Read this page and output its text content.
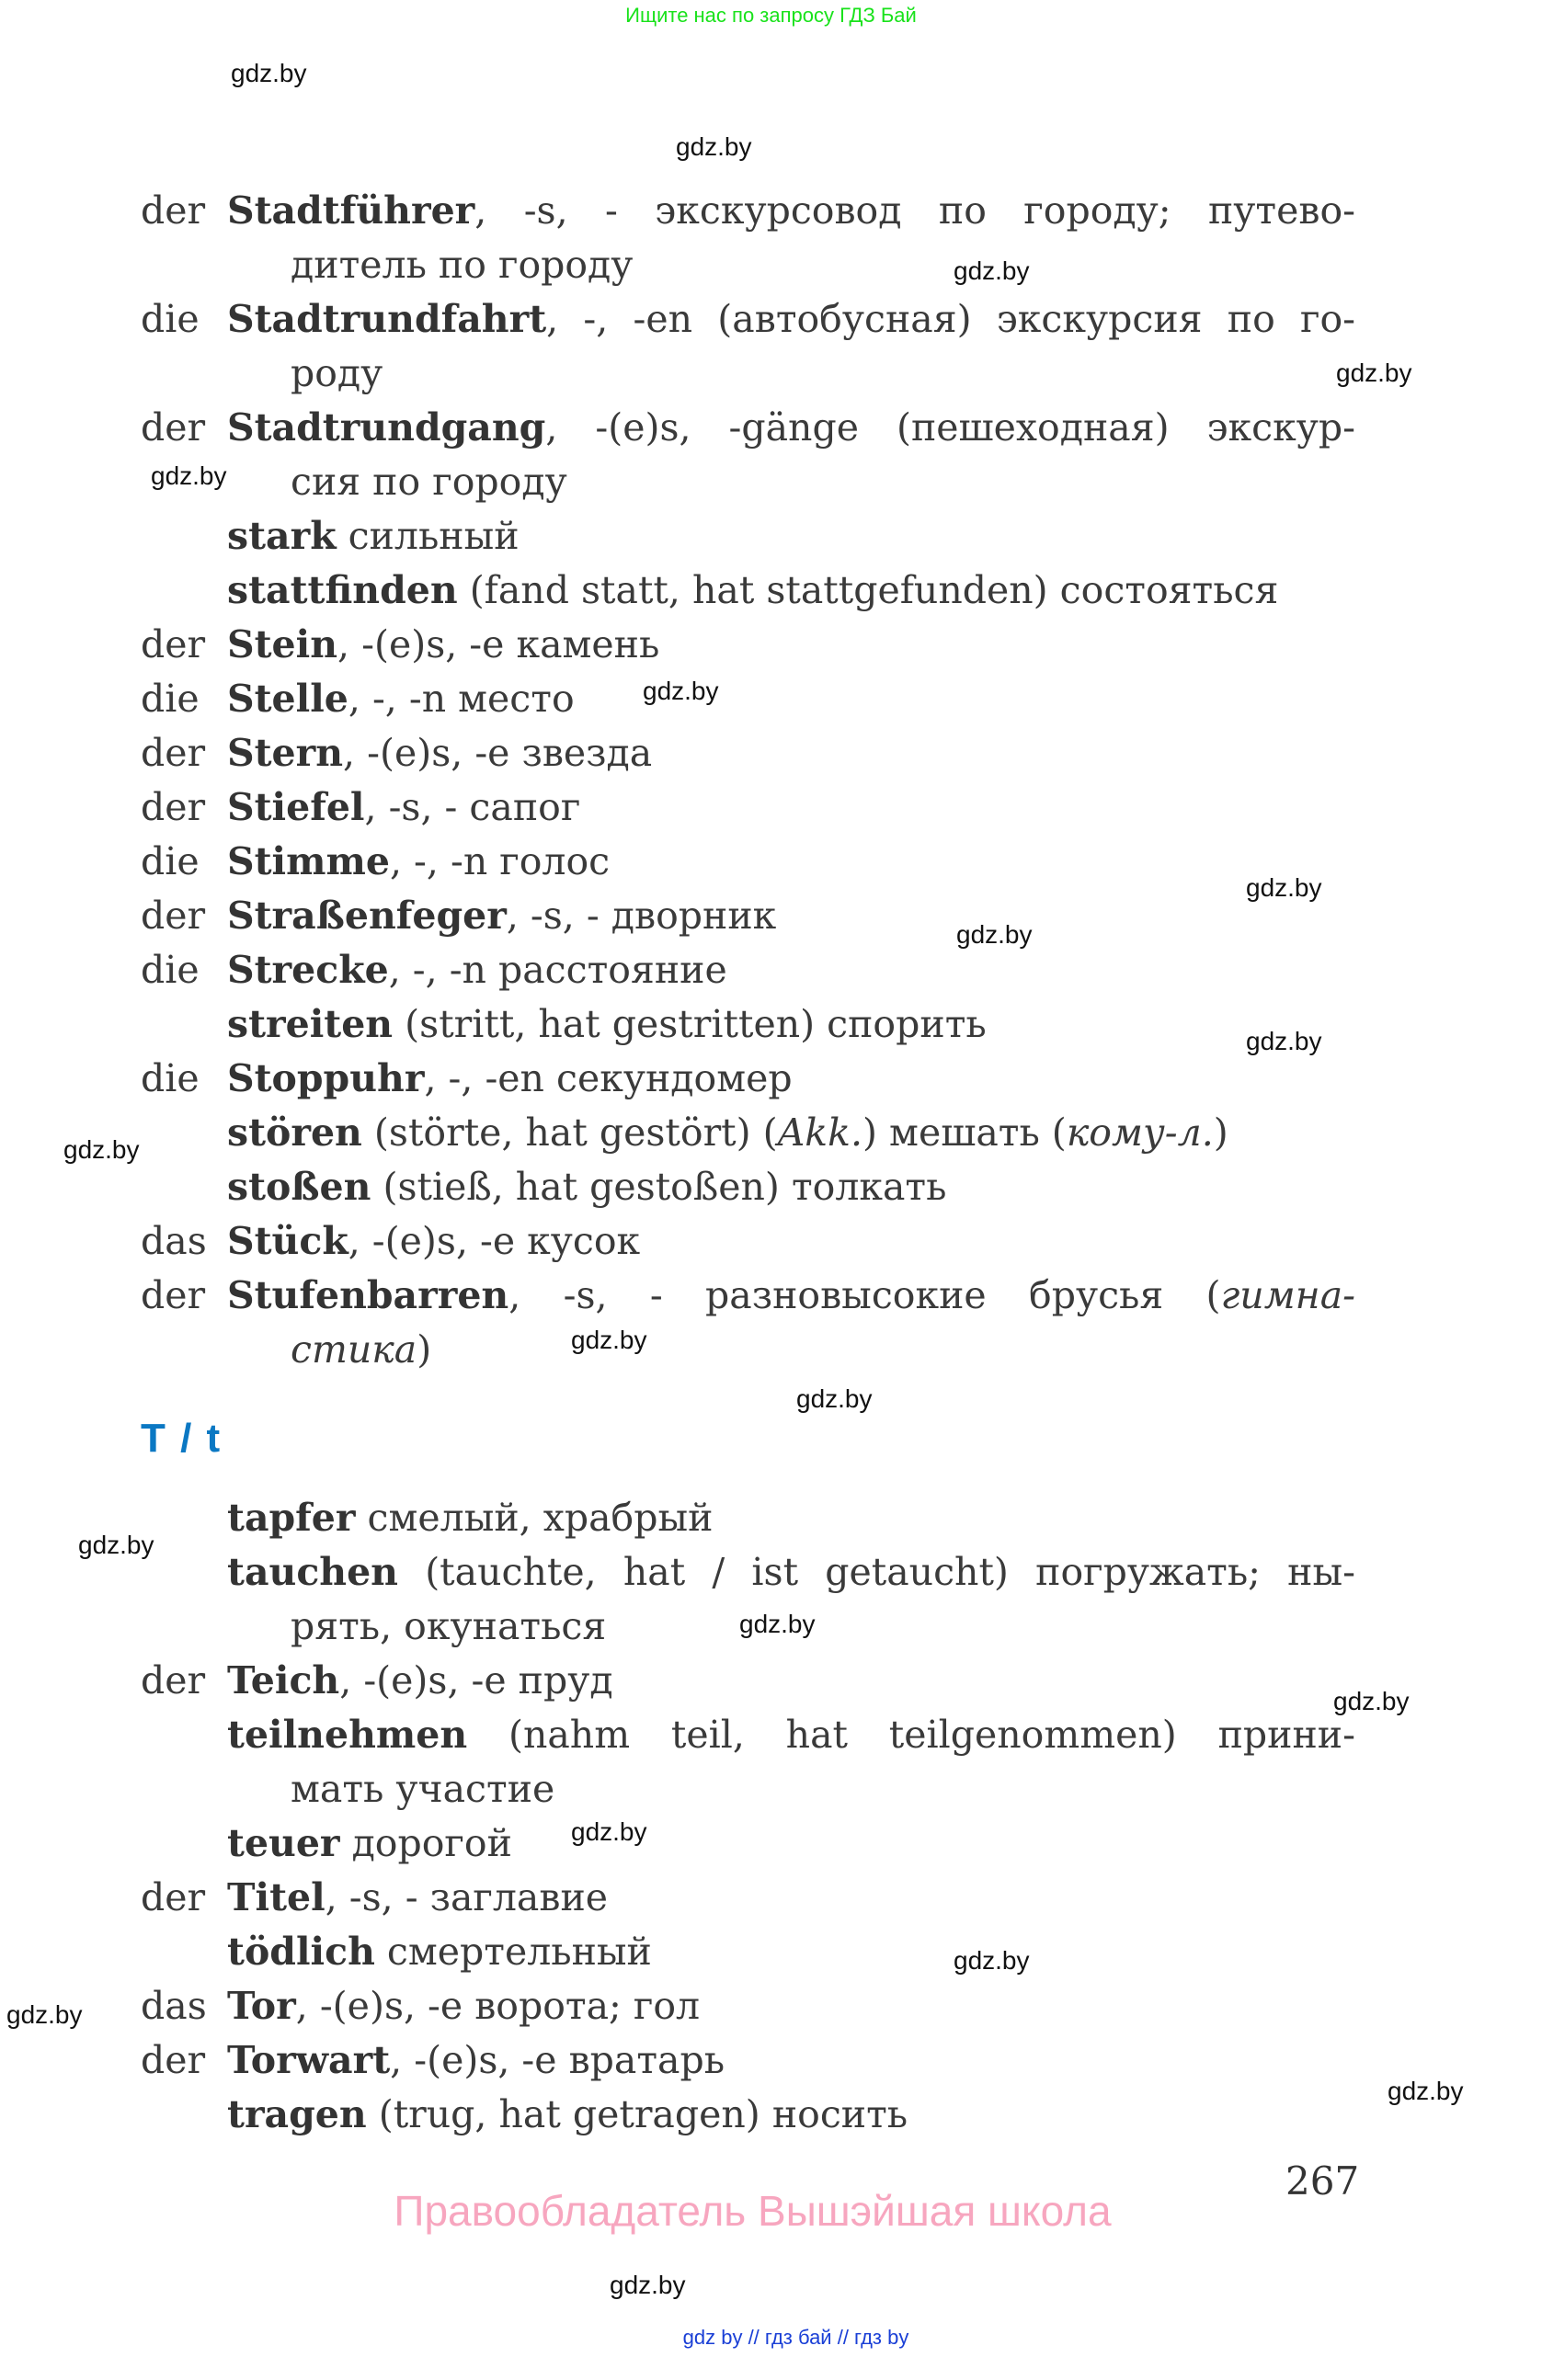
Ищите нас по запросу ГДЗ Бай
gdz.by
gdz.by
gdz.by
gdz.by
gdz.by
gdz.by
gdz.by
gdz.by
gdz.by
gdz.by
gdz.by
gdz.by
gdz.by
gdz.by
gdz.by
gdz.by
gdz.by
gdz.by
gdz.by
gdz.by
der Stadtführer, -s, - экскурсовод по городу; путево-
дитель по городу
die Stadtrundfahrt, -, -en (автобусная) экскурсия по го-
роду
der Stadtrundgang, -(e)s, -gänge (пешеходная) экскур-
сия по городу
stark сильный
stattfinden (fand statt, hat stattgefunden) состояться
der Stein, -(e)s, -e камень
die Stelle, -, -n место
der Stern, -(e)s, -e звезда
der Stiefel, -s, - сапог
die Stimme, -, -n голос
der Straßenfeger, -s, - дворник
die Strecke, -, -n расстояние
streiten (stritt, hat gestritten) спорить
die Stoppuhr, -, -en секундомер
stören (störte, hat gestört) (Akk.) мешать (кому-л.)
stoßen (stieß, hat gestoßen) толкать
das Stück, -(e)s, -e кусок
der Stufenbarren, -s, - разновысокие брусья (гимна-
стика)
T / t
tapfer смелый, храбрый
tauchen (tauchte, hat / ist getaucht) погружать; ны-
рять, окунаться
der Teich, -(e)s, -e пруд
teilnehmen (nahm teil, hat teilgenommen) прини-
мать участие
teuer дорогой
der Titel, -s, - заглавие
tödlich смертельный
das Tor, -(e)s, -e ворота; гол
der Torwart, -(e)s, -e вратарь
tragen (trug, hat getragen) носить
267
Правообладатель Вышэйшая школа
gdz by // гдз бай // гдз by
